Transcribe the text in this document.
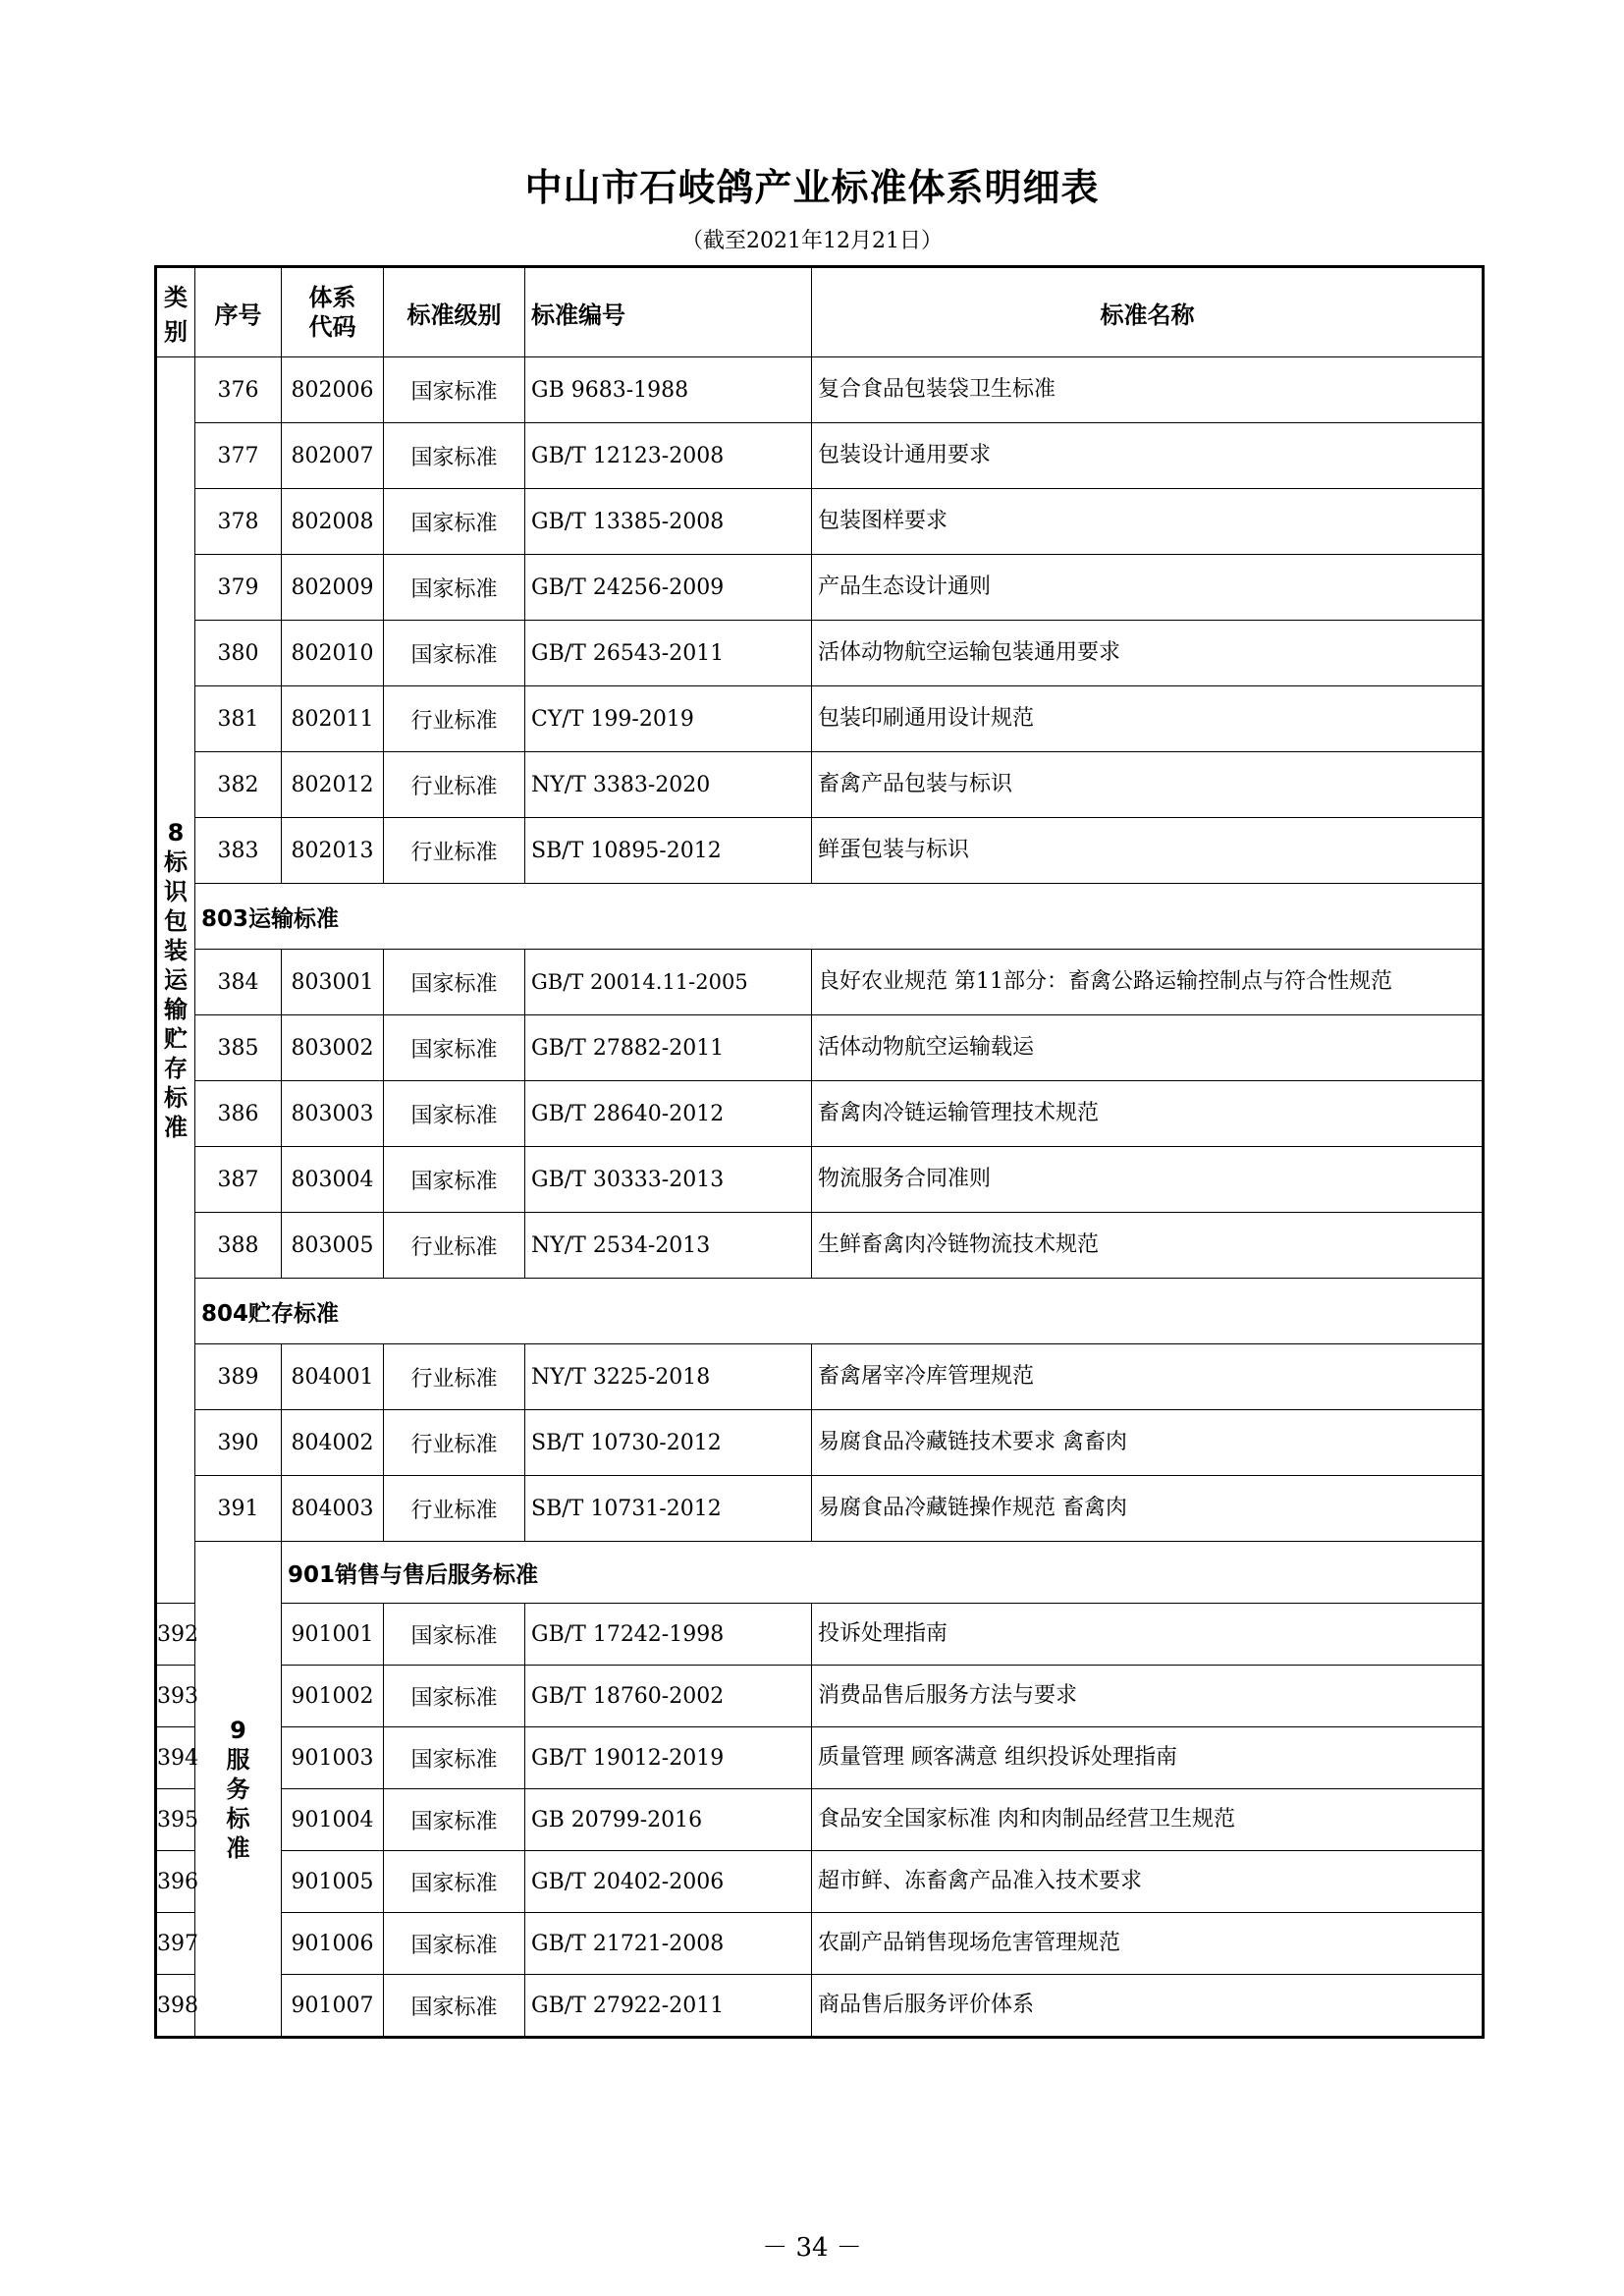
中山市石岐鸽产业标准体系明细表
（截至2021年12月21日）
类别	序号	体系代码	标准级别	标准编号	标准名称
8标识包装运输贮存标准	376	802006	国家标准	GB 9683-1988	复合食品包装袋卫生标准
	377	802007	国家标准	GB/T 12123-2008	包装设计通用要求
	378	802008	国家标准	GB/T 13385-2008	包装图样要求
	379	802009	国家标准	GB/T 24256-2009	产品生态设计通则
	380	802010	国家标准	GB/T 26543-2011	活体动物航空运输包装通用要求
	381	802011	行业标准	CY/T 199-2019	包装印刷通用设计规范
	382	802012	行业标准	NY/T 3383-2020	畜禽产品包装与标识
	383	802013	行业标准	SB/T 10895-2012	鲜蛋包装与标识
	803运输标准				
	384	803001	国家标准	GB/T 20014.11-2005	良好农业规范 第11部分：畜禽公路运输控制点与符合性规范
	385	803002	国家标准	GB/T 27882-2011	活体动物航空运输载运
	386	803003	国家标准	GB/T 28640-2012	畜禽肉冷链运输管理技术规范
	387	803004	国家标准	GB/T 30333-2013	物流服务合同准则
	388	803005	行业标准	NY/T 2534-2013	生鲜畜禽肉冷链物流技术规范
	804贮存标准				
	389	804001	行业标准	NY/T 3225-2018	畜禽屠宰冷库管理规范
	390	804002	行业标准	SB/T 10730-2012	易腐食品冷藏链技术要求 禽畜肉
	391	804003	行业标准	SB/T 10731-2012	易腐食品冷藏链操作规范 畜禽肉
	9服务标准	901销售与售后服务标准			
392		901001	国家标准	GB/T 17242-1998	投诉处理指南
393		901002	国家标准	GB/T 18760-2002	消费品售后服务方法与要求
394		901003	国家标准	GB/T 19012-2019	质量管理 顾客满意 组织投诉处理指南
395		901004	国家标准	GB 20799-2016	食品安全国家标准 肉和肉制品经营卫生规范
396		901005	国家标准	GB/T 20402-2006	超市鲜、冻畜禽产品准入技术要求
397		901006	国家标准	GB/T 21721-2008	农副产品销售现场危害管理规范
398		901007	国家标准	GB/T 27922-2011	商品售后服务评价体系
－ 34 －
